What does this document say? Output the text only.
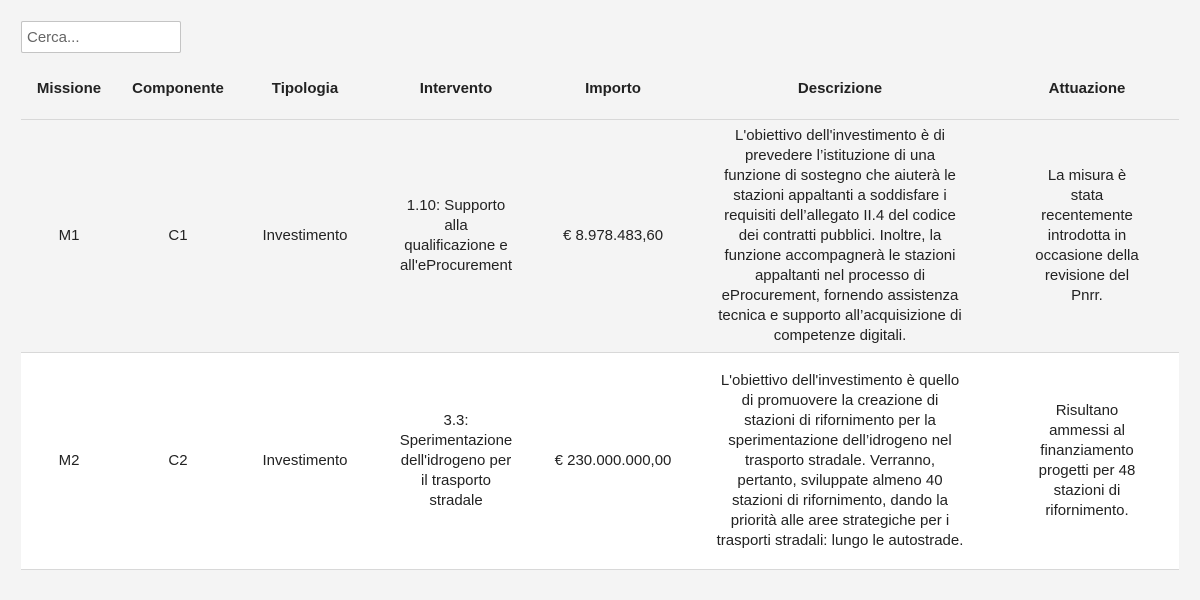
Cerca...
Missione	Componente	Tipologia	Intervento	Importo	Descrizione	Attuazione
M1	C1	Investimento	1.10: Supporto alla qualificazione e all'eProcurement	€ 8.978.483,60	L'obiettivo dell'investimento è di prevedere l’istituzione di una funzione di sostegno che aiuterà le stazioni appaltanti a soddisfare i requisiti dell’allegato II.4 del codice dei contratti pubblici. Inoltre, la funzione accompagnerà le stazioni appaltanti nel processo di eProcurement, fornendo assistenza tecnica e supporto all’acquisizione di competenze digitali.	La misura è stata recentemente introdotta in occasione della revisione del Pnrr.
M2	C2	Investimento	3.3: Sperimentazione dell'idrogeno per il trasporto stradale	€ 230.000.000,00	L'obiettivo dell'investimento è quello di promuovere la creazione di stazioni di rifornimento per la sperimentazione dell’idrogeno nel trasporto stradale. Verranno, pertanto, sviluppate almeno 40 stazioni di rifornimento, dando la priorità alle aree strategiche per i trasporti stradali: lungo le autostrade.	Risultano ammessi al finanziamento progetti per 48 stazioni di rifornimento.
